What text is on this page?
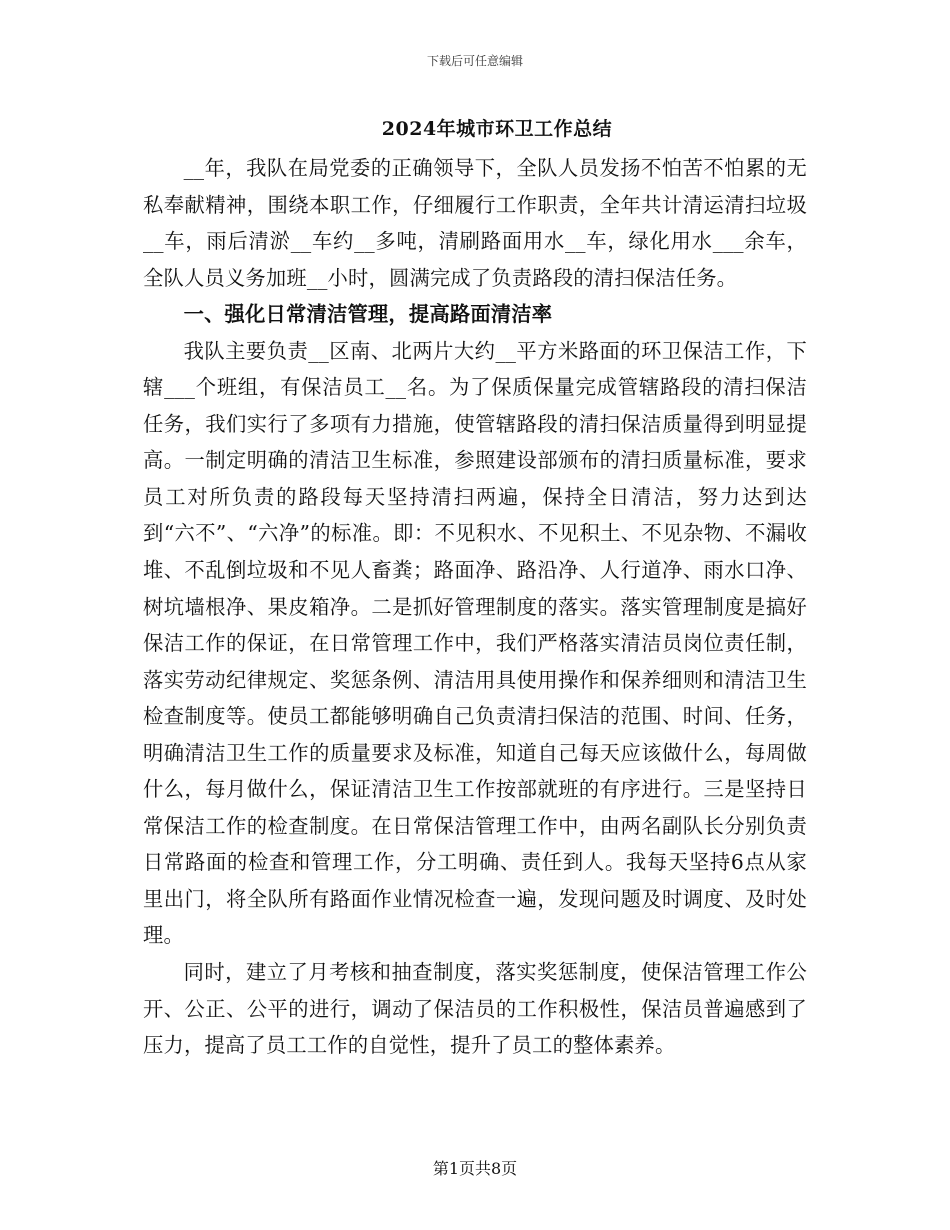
下载后可任意编辑
2024年城市环卫工作总结

__年，我队在局党委的正确领导下，全队人员发扬不怕苦不怕累的无私奉献精神，围绕本职工作，仔细履行工作职责，全年共计清运清扫垃圾__车，雨后清淤__车约__多吨，清刷路面用水__车，绿化用水___余车，全队人员义务加班__小时，圆满完成了负责路段的清扫保洁任务。

一、强化日常清洁管理，提高路面清洁率

我队主要负责__区南、北两片大约__平方米路面的环卫保洁工作，下辖___个班组，有保洁员工__名。为了保质保量完成管辖路段的清扫保洁任务，我们实行了多项有力措施，使管辖路段的清扫保洁质量得到明显提高。一制定明确的清洁卫生标准，参照建设部颁布的清扫质量标准，要求员工对所负责的路段每天坚持清扫两遍，保持全日清洁，努力达到达到“六不”、“六净”的标准。即：不见积水、不见积土、不见杂物、不漏收堆、不乱倒垃圾和不见人畜粪；路面净、路沿净、人行道净、雨水口净、树坑墙根净、果皮箱净。二是抓好管理制度的落实。落实管理制度是搞好保洁工作的保证，在日常管理工作中，我们严格落实清洁员岗位责任制，落实劳动纪律规定、奖惩条例、清洁用具使用操作和保养细则和清洁卫生检查制度等。使员工都能够明确自己负责清扫保洁的范围、时间、任务，明确清洁卫生工作的质量要求及标准，知道自己每天应该做什么，每周做什么，每月做什么，保证清洁卫生工作按部就班的有序进行。三是坚持日常保洁工作的检查制度。在日常保洁管理工作中，由两名副队长分别负责日常路面的检查和管理工作，分工明确、责任到人。我每天坚持6点从家里出门，将全队所有路面作业情况检查一遍，发现问题及时调度、及时处理。

同时，建立了月考核和抽查制度，落实奖惩制度，使保洁管理工作公开、公正、公平的进行，调动了保洁员的工作积极性，保洁员普遍感到了压力，提高了员工工作的自觉性，提升了员工的整体素养。

第1页共8页
